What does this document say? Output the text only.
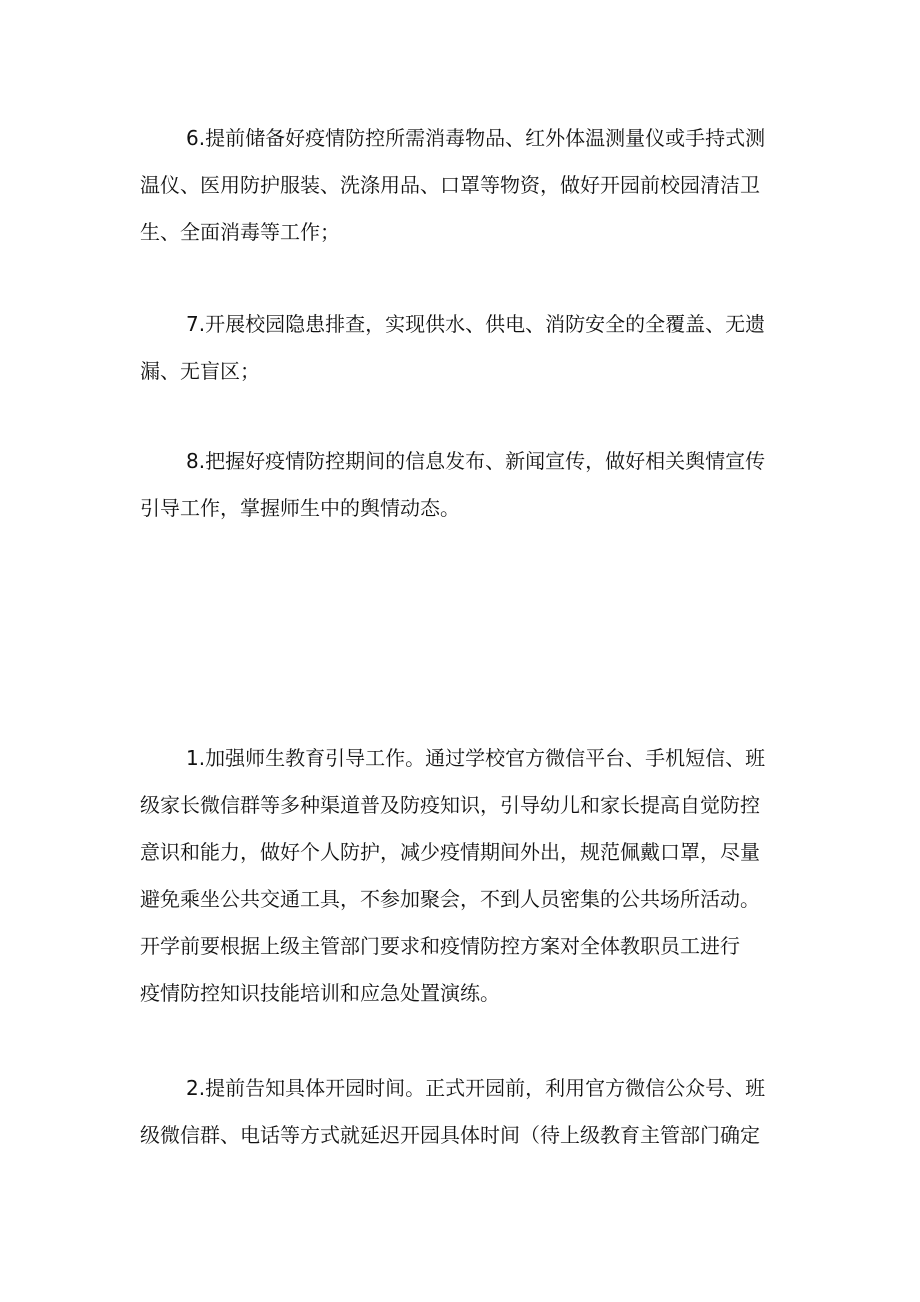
6.提前储备好疫情防控所需消毒物品、红外体温测量仪或手持式测
温仪、医用防护服装、洗涤用品、口罩等物资，做好开园前校园清洁卫
生、全面消毒等工作；
7.开展校园隐患排查，实现供水、供电、消防安全的全覆盖、无遗
漏、无盲区；
8.把握好疫情防控期间的信息发布、新闻宣传，做好相关舆情宣传
引导工作，掌握师生中的舆情动态。
1.加强师生教育引导工作。通过学校官方微信平台、手机短信、班
级家长微信群等多种渠道普及防疫知识，引导幼儿和家长提高自觉防控
意识和能力，做好个人防护，减少疫情期间外出，规范佩戴口罩，尽量
避免乘坐公共交通工具，不参加聚会，不到人员密集的公共场所活动。
开学前要根据上级主管部门要求和疫情防控方案对全体教职员工进行
疫情防控知识技能培训和应急处置演练。
2.提前告知具体开园时间。正式开园前，利用官方微信公众号、班
级微信群、电话等方式就延迟开园具体时间（待上级教育主管部门确定
